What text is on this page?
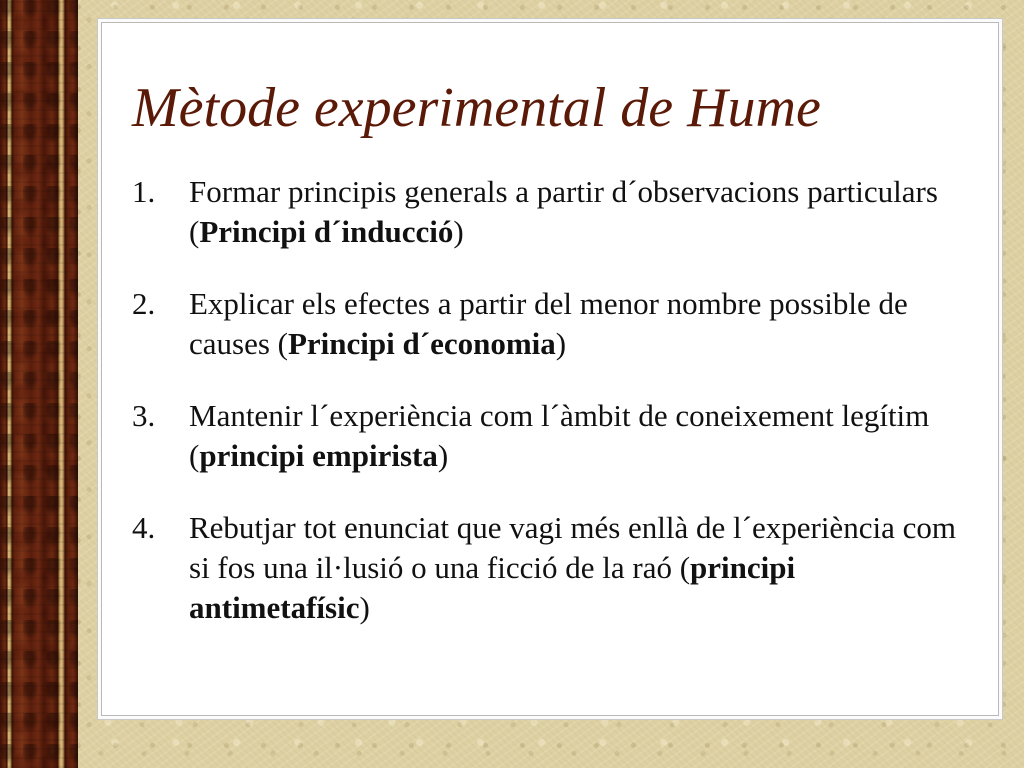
Mètode experimental de Hume
1.	Formar principis generals a partir d´observacions particulars (Principi d´inducció)
2.	Explicar els efectes a partir del menor nombre possible de causes (Principi d´economia)
3.	Mantenir l´experiència com l´àmbit de coneixement legítim (principi empirista)
4.	Rebutjar tot enunciat que vagi més enllà de l´experiència com si fos una il·lusió o una ficció de la raó (principi antimetafísic)
